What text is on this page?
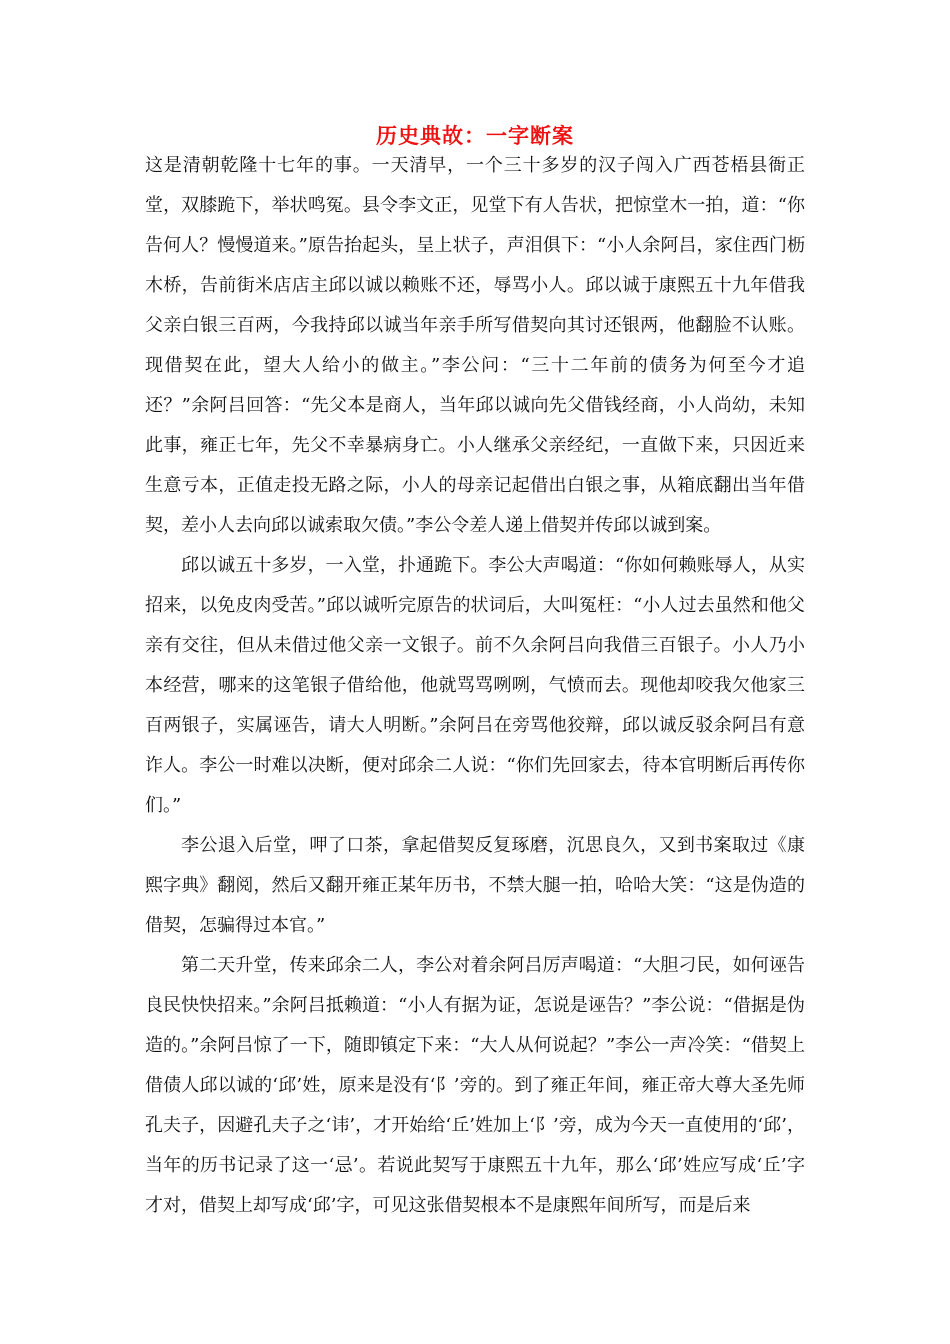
历史典故：一字断案

这是清朝乾隆十七年的事。一天清早，一个三十多岁的汉子闯入广西苍梧县衙正堂，双膝跪下，举状鸣冤。县令李文正，见堂下有人告状，把惊堂木一拍，道：“你告何人？慢慢道来。”原告抬起头，呈上状子，声泪俱下：“小人余阿吕，家住西门枥木桥，告前街米店店主邱以诚以赖账不还，辱骂小人。邱以诚于康熙五十九年借我父亲白银三百两，今我持邱以诚当年亲手所写借契向其讨还银两，他翻脸不认账。现借契在此，望大人给小的做主。”李公问：“三十二年前的债务为何至今才追还？”余阿吕回答：“先父本是商人，当年邱以诚向先父借钱经商，小人尚幼，未知此事，雍正七年，先父不幸暴病身亡。小人继承父亲经纪，一直做下来，只因近来生意亏本，正值走投无路之际，小人的母亲记起借出白银之事，从箱底翻出当年借契，差小人去向邱以诚索取欠债。”李公令差人递上借契并传邱以诚到案。

邱以诚五十多岁，一入堂，扑通跪下。李公大声喝道：“你如何赖账辱人，从实招来，以免皮肉受苦。”邱以诚听完原告的状词后，大叫冤枉：“小人过去虽然和他父亲有交往，但从未借过他父亲一文银子。前不久余阿吕向我借三百银子。小人乃小本经营，哪来的这笔银子借给他，他就骂骂咧咧，气愤而去。现他却咬我欠他家三百两银子，实属诬告，请大人明断。”余阿吕在旁骂他狡辩，邱以诚反驳余阿吕有意诈人。李公一时难以决断，便对邱余二人说：“你们先回家去，待本官明断后再传你们。”

李公退入后堂，呷了口茶，拿起借契反复琢磨，沉思良久，又到书案取过《康熙字典》翻阅，然后又翻开雍正某年历书，不禁大腿一拍，哈哈大笑：“这是伪造的借契，怎骗得过本官。”

第二天升堂，传来邱余二人，李公对着余阿吕厉声喝道：“大胆刁民，如何诬告良民快快招来。”余阿吕抵赖道：“小人有据为证，怎说是诬告？”李公说：“借据是伪造的。”余阿吕惊了一下，随即镇定下来：“大人从何说起？”李公一声冷笑：“借契上借债人邱以诚的‘邱’姓，原来是没有‘阝’旁的。到了雍正年间，雍正帝大尊大圣先师孔夫子，因避孔夫子之‘讳’，才开始给‘丘’姓加上‘阝’旁，成为今天一直使用的‘邱’，当年的历书记录了这一‘忌’。若说此契写于康熙五十九年，那么‘邱’姓应写成‘丘’字才对，借契上却写成‘邱’字，可见这张借契根本不是康熙年间所写，而是后来
